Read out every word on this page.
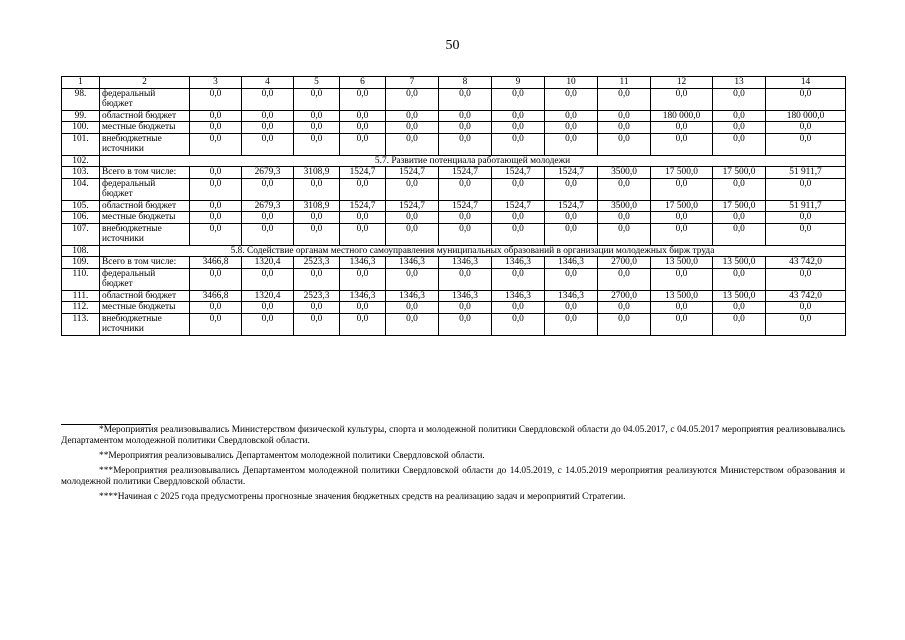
50
1	2	3	4	5	6	7	8	9	10	11	12	13	14
98.	федеральный бюджет	0,0	0,0	0,0	0,0	0,0	0,0	0,0	0,0	0,0	0,0	0,0	0,0
99.	областной бюджет	0,0	0,0	0,0	0,0	0,0	0,0	0,0	0,0	0,0	180 000,0	0,0	180 000,0
100.	местные бюджеты	0,0	0,0	0,0	0,0	0,0	0,0	0,0	0,0	0,0	0,0	0,0	0,0
101.	внебюджетные источники	0,0	0,0	0,0	0,0	0,0	0,0	0,0	0,0	0,0	0,0	0,0	0,0
102.	5.7. Развитие потенциала работающей молодежи												
103.	Всего в том числе:	0,0	2679,3	3108,9	1524,7	1524,7	1524,7	1524,7	1524,7	3500,0	17 500,0	17 500,0	51 911,7
104.	федеральный бюджет	0,0	0,0	0,0	0,0	0,0	0,0	0,0	0,0	0,0	0,0	0,0	0,0
105.	областной бюджет	0,0	2679,3	3108,9	1524,7	1524,7	1524,7	1524,7	1524,7	3500,0	17 500,0	17 500,0	51 911,7
106.	местные бюджеты	0,0	0,0	0,0	0,0	0,0	0,0	0,0	0,0	0,0	0,0	0,0	0,0
107.	внебюджетные источники	0,0	0,0	0,0	0,0	0,0	0,0	0,0	0,0	0,0	0,0	0,0	0,0
108.	5.8. Содействие органам местного самоуправления муниципальных образований в организации молодежных бирж труда												
109.	Всего в том числе:	3466,8	1320,4	2523,3	1346,3	1346,3	1346,3	1346,3	1346,3	2700,0	13 500,0	13 500,0	43 742,0
110.	федеральный бюджет	0,0	0,0	0,0	0,0	0,0	0,0	0,0	0,0	0,0	0,0	0,0	0,0
111.	областной бюджет	3466,8	1320,4	2523,3	1346,3	1346,3	1346,3	1346,3	1346,3	2700,0	13 500,0	13 500,0	43 742,0
112.	местные бюджеты	0,0	0,0	0,0	0,0	0,0	0,0	0,0	0,0	0,0	0,0	0,0	0,0
113.	внебюджетные источники	0,0	0,0	0,0	0,0	0,0	0,0	0,0	0,0	0,0	0,0	0,0	0,0

*Мероприятия реализовывались Министерством физической культуры, спорта и молодежной политики Свердловской области до 04.05.2017, с 04.05.2017 мероприятия реализовывались Департаментом молодежной политики Свердловской области.

**Мероприятия реализовывались Департаментом молодежной политики Свердловской области.

***Мероприятия реализовывались Департаментом молодежной политики Свердловской области до 14.05.2019, с 14.05.2019 мероприятия реализуются Министерством образования и молодежной политики Свердловской области.

****Начиная с 2025 года предусмотрены прогнозные значения бюджетных средств на реализацию задач и мероприятий Стратегии.
